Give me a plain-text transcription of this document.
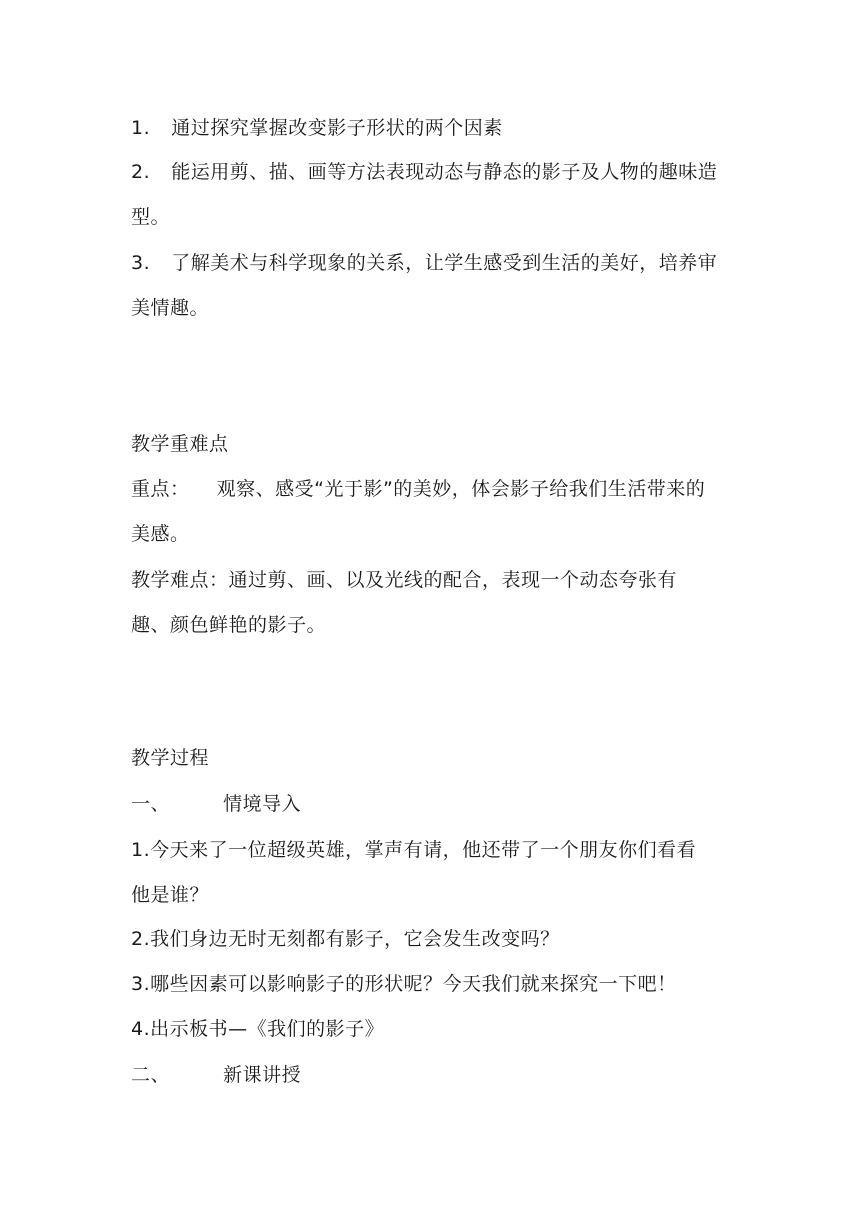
1. 通过探究掌握改变影子形状的两个因素
2. 能运用剪、描、画等方法表现动态与静态的影子及人物的趣味造
型。
3. 了解美术与科学现象的关系，让学生感受到生活的美好，培养审
美情趣。
教学重难点
重点： 观察、感受“光于影”的美妙，体会影子给我们生活带来的
美感。
教学难点：通过剪、画、以及光线的配合，表现一个动态夸张有
趣、颜色鲜艳的影子。
教学过程
一、	情境导入
1.今天来了一位超级英雄，掌声有请，他还带了一个朋友你们看看
他是谁？
2.我们身边无时无刻都有影子，它会发生改变吗？
3.哪些因素可以影响影子的形状呢？今天我们就来探究一下吧！
4.出示板书—《我们的影子》
二、	新课讲授
